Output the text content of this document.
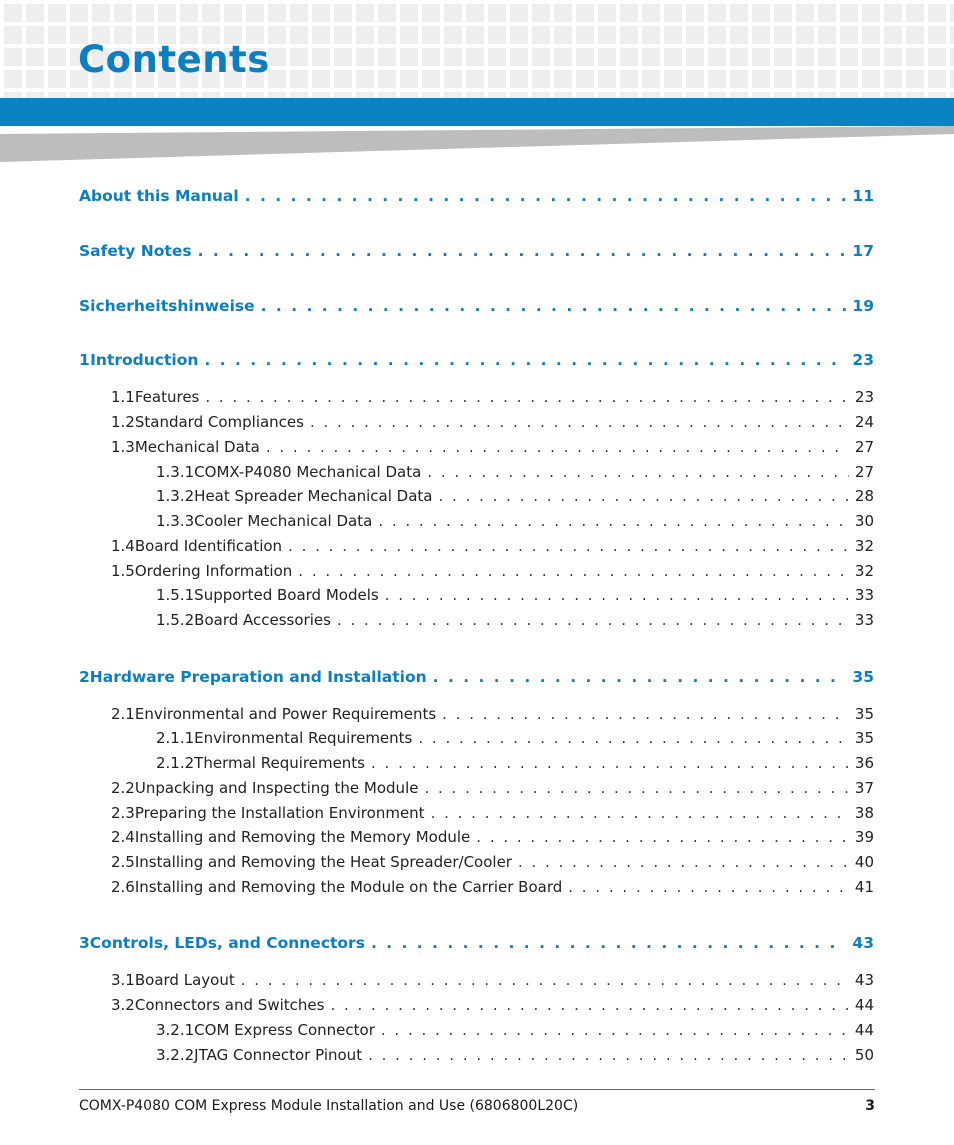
Contents
About this Manual . . .	11
Safety Notes . . .	17
Sicherheitshinweise . . .	19
1 Introduction . . .	23
1.1 Features . . .	23
1.2 Standard Compliances . . .	24
1.3 Mechanical Data . . .	27
1.3.1 COMX-P4080 Mechanical Data . . .	27
1.3.2 Heat Spreader Mechanical Data . . .	28
1.3.3 Cooler Mechanical Data . . .	30
1.4 Board Identification . . .	32
1.5 Ordering Information . . .	32
1.5.1 Supported Board Models . . .	33
1.5.2 Board Accessories . . .	33
2 Hardware Preparation and Installation . . .	35
2.1 Environmental and Power Requirements . . .	35
2.1.1 Environmental Requirements . . .	35
2.1.2 Thermal Requirements . . .	36
2.2 Unpacking and Inspecting the Module . . .	37
2.3 Preparing the Installation Environment . . .	38
2.4 Installing and Removing the Memory Module . . .	39
2.5 Installing and Removing the Heat Spreader/Cooler . . .	40
2.6 Installing and Removing the Module on the Carrier Board . . .	41
3 Controls, LEDs, and Connectors . . .	43
3.1 Board Layout . . .	43
3.2 Connectors and Switches . . .	44
3.2.1 COM Express Connector . . .	44
3.2.2 JTAG Connector Pinout . . .	50
COMX-P4080 COM Express Module Installation and Use (6806800L20C)	3
